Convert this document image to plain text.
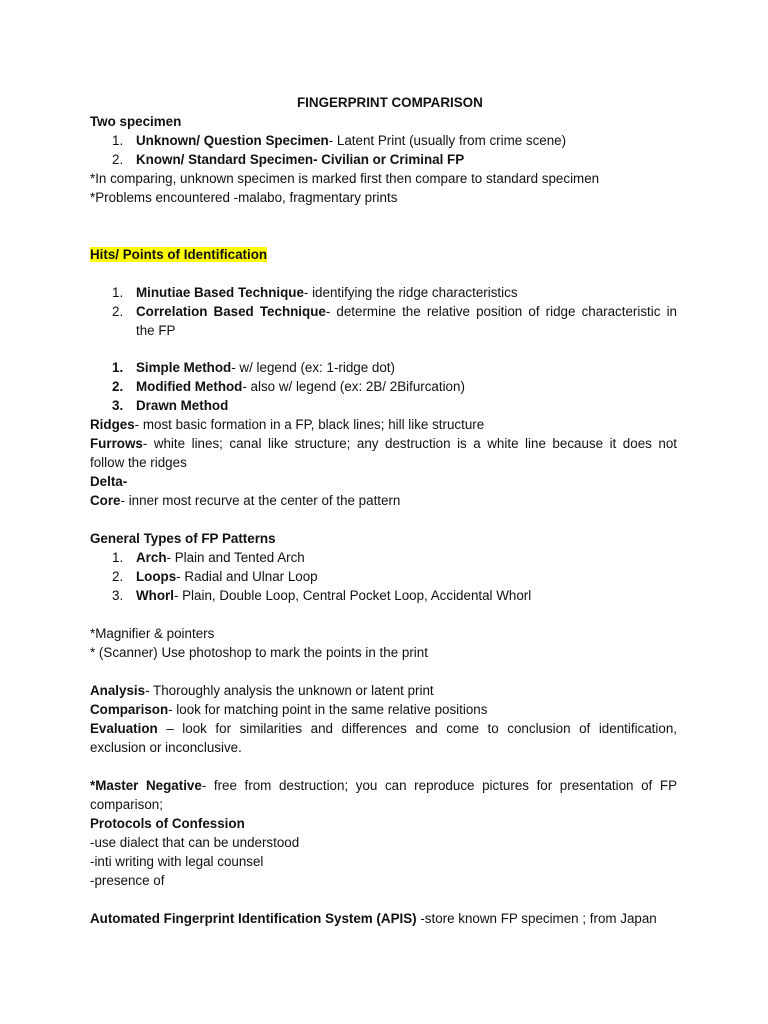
FINGERPRINT COMPARISON
Two specimen
1. Unknown/ Question Specimen- Latent Print (usually from crime scene)
2. Known/ Standard Specimen- Civilian or Criminal FP
*In comparing, unknown specimen is marked first then compare to standard specimen
*Problems encountered -malabo, fragmentary prints
Hits/ Points of Identification
1. Minutiae Based Technique- identifying the ridge characteristics
2. Correlation Based Technique- determine the relative position of ridge characteristic in
the FP
1. Simple Method- w/ legend (ex: 1-ridge dot)
2. Modified Method- also w/ legend (ex: 2B/ 2Bifurcation)
3. Drawn Method
Ridges- most basic formation in a FP, black lines; hill like structure
Furrows- white lines; canal like structure; any destruction is a white line because it does not
follow the ridges
Delta-
Core- inner most recurve at the center of the pattern
General Types of FP Patterns
1. Arch- Plain and Tented Arch
2. Loops- Radial and Ulnar Loop
3. Whorl- Plain, Double Loop, Central Pocket Loop, Accidental Whorl
*Magnifier & pointers
* (Scanner) Use photoshop to mark the points in the print
Analysis- Thoroughly analysis the unknown or latent print
Comparison- look for matching point in the same relative positions
Evaluation – look for similarities and differences and come to conclusion of identification,
exclusion or inconclusive.
*Master Negative- free from destruction; you can reproduce pictures for presentation of FP
comparison;
Protocols of Confession
-use dialect that can be understood
-inti writing with legal counsel
-presence of
Automated Fingerprint Identification System (APIS) -store known FP specimen ; from Japan
